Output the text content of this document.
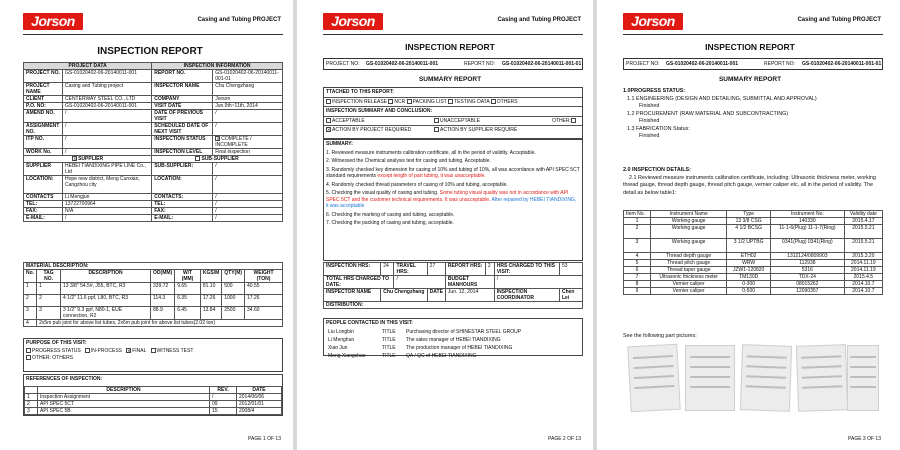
Jorson	Casing and Tubing PROJECT
INSPECTION REPORT
PROJECT DATA		INSPECTION INFORMATION	
PROJECT NO.	GS-01020402-06-20140011-001	REPORT NO.	GS-01020402-06-20140011-001-01
PROJECT NAME	Casing and Tubing project	INSPECTOR NAME	Chu Chengzhang
CLIENT	CENTERWAY STEEL CO., LTD	COMPANY	Jorson
P.O. NO:	GS-01020402-06-20140011-001	VISIT DATE	Jun.9th~11th, 2014
AMEND NO.	/	DATE OF PREVIOUS VISIT	/
ASSIGNMENT NO.	/	SCHEDULED DATE OF NEXT VISIT	/
ITP NO.	/	INSPECTION STATUS	✕ COMPLETE / INCOMPLETE
WORK No.	/	INSPECTION LEVEL	Final inspection
✕ SUPPLIER		SUB-SUPPLIER	
SUPPLIER	HEBEI TIANDIXING PIPE LINE Co., Ltd	SUB-SUPPLIER:	/
LOCATION:	Hope new district, Meng Cunxian, Cangzhou city	LOCATION:	/
CONTACTS	Li Mengjun	CONTACTS:	/
TEL:	13722700964	TEL:	/
FAX:	N/A	FAX:	/
E-MAIL:	/	E-MAIL:	/
MATERIAL DESCRIPTION:							
No.	TAG NO.	DESCRIPTION	OD(MM)	W/T (MM)	KGS/M	QTY(M)	WEIGHT (TON)
1	1	13 3/8" 54.5#, J55, BTC, R3	339.72	9.65	81.10	500	40.55
2	2	4 1/2" 11.6 ppf, L80, BTC, R3	114.3	6.35	17.26	1000	17.26
3	3	3 1/2" 9.3 ppf, N80-1, EUE connection, R2	88.9	6.45	13.84	2500	34.60
4	2x5m pub joint for above list tubes, 2x6m pub joint for above list tubes(2.02 ton)						
PURPOSE OF THIS VISIT:
PROGRESS STATUS IN-PROCESS ✕ FINAL WITNESS TEST
OTHER: OTHERS
REFERENCES OF INSPECTION:
	DESCRIPTION	REV.	DATE
1	Inspection Assignment	/	2014/06/06
2	API SPEC 5CT	09	2012/01/01
3	API SPEC 5B	15	2008/4
PAGE 1 OF 13
Jorson	Casing and Tubing PROJECT
INSPECTION REPORT
PROJECT NO: GS-01020402-06-20140011-001	REPORT NO: GS-01020402-06-20140011-001-01
SUMMARY REPORT
TTACHED TO THIS REPORT:
INSPECTION RELEASE NCR PACKING LIST TESTING DATA OTHERS
INSPECTION SUMMARY AND CONCLUSION:
ACCEPTABLE	UNACCEPTABLE	OTHER:
✕ ACTION BY PROJECT REQUIRED	ACTION BY SUPPLIER REQUIRE
SUMMARY:
1. Reviewed measure instruments calibration certificate, all in the period of validity. Acceptable.
2. Witnessed the Chemical analysis test for casing and tubing. Acceptable.
3. Randomly checked key dimension for casing of 10% and tubing of 10%, all was accordance with API SPEC 5CT standard requirements except length of part tubing, it was unacceptable.
4. Randomly checked thread parameters of casing of 10% and tubing, acceptable.
5. Checking the visual quality of casing and tubing. Some tubing visual quality was not in accordance with API SPEC 5CT and the customer technical requirements. It was unacceptable. After repaired by HEBEI TIANDIXING, it was acceptable
6. Checking the marking of casing and tubing, acceptable.
7. Checking the packing of casing and tubing, acceptable.
INSPECTION HRS:	24	TRAVEL HRS:	27	REPORT HRS:	2	HRS CHARGED TO THIS VISIT:	53
TOTAL HRS CHARGED TO DATE:		/		BUDGET MANHOURS		/	
INSPECTOR NAME	Chu Chengzhang		DATE	Jun. 12, 2014		INSPECTION COORDINATOR	Chen Lei
DISTRIBUTION:							
PEOPLE CONTACTED IN THIS VISIT:
Liu Longbin	TITLE Purchasing director of SHINESTAR STEEL GROUP
Li Menghun	TITLE The sales manager of HEBEI TIANDIXING
Xiao Jun	TITLE The production manager of HEBEI TIANDIXING
Meng Xiangchao	TITLE QA / QC of HEBEI TIANDIXING
PAGE 2 OF 13
Jorson	Casing and Tubing PROJECT
INSPECTION REPORT
PROJECT NO: GS-01020402-06-20140011-001	REPORT NO: GS-01020402-06-20140011-001-01
SUMMARY REPORT
1.0PROGRESS STATUS:
1.1 ENGINEERING (DESIGN AND DETAILING, SUBMITTAL AND APPROVAL)
Finished
1.2 PROCUREMENT (RAW MATERIAL AND SUBCONTRACTING)
Finished
1.3 FABRICATION Status:
Finished
2.0 INSPECTION DETAILS:
2.1 Reviewed measure instruments calibration certificate, including: Ultrasonic thickness meter, working thread gauge, thread depth gauge, thread pitch gauge, vernier caliper etc, all in the period of validity. The detail as below table1:
Item No.	Instrument Name	Type	Instrument No.	Validity date
1	Working gauge	13 3/8 CSG	140330	2015.4.17
2	Working gauge	4 1/2 BCSG	11-1-6(Plug) 11-1-7(Ring)	2015.5.21
3	Working gauge	3 1/2 UPTBG	0341(Plug) 0341(Ring)	2015.5.21
4	Thread depth gauge	ETH02	1312124/0809903	2015.3.20
5	Thread pitch gauge	WRW	112938	2014.11.19
6	Thread taper gauge	JZW1-120820	5316	2014.11.19
7	Ultrasonic thickness meter	TM130D	TDX-24	2015.4.5
8	Vernier caliper	0-300	08015262	2014.10.7
9	Vernier caliper	0-500	12090357	2014.10.7
See the following part pictures:
PAGE 3 OF 13
